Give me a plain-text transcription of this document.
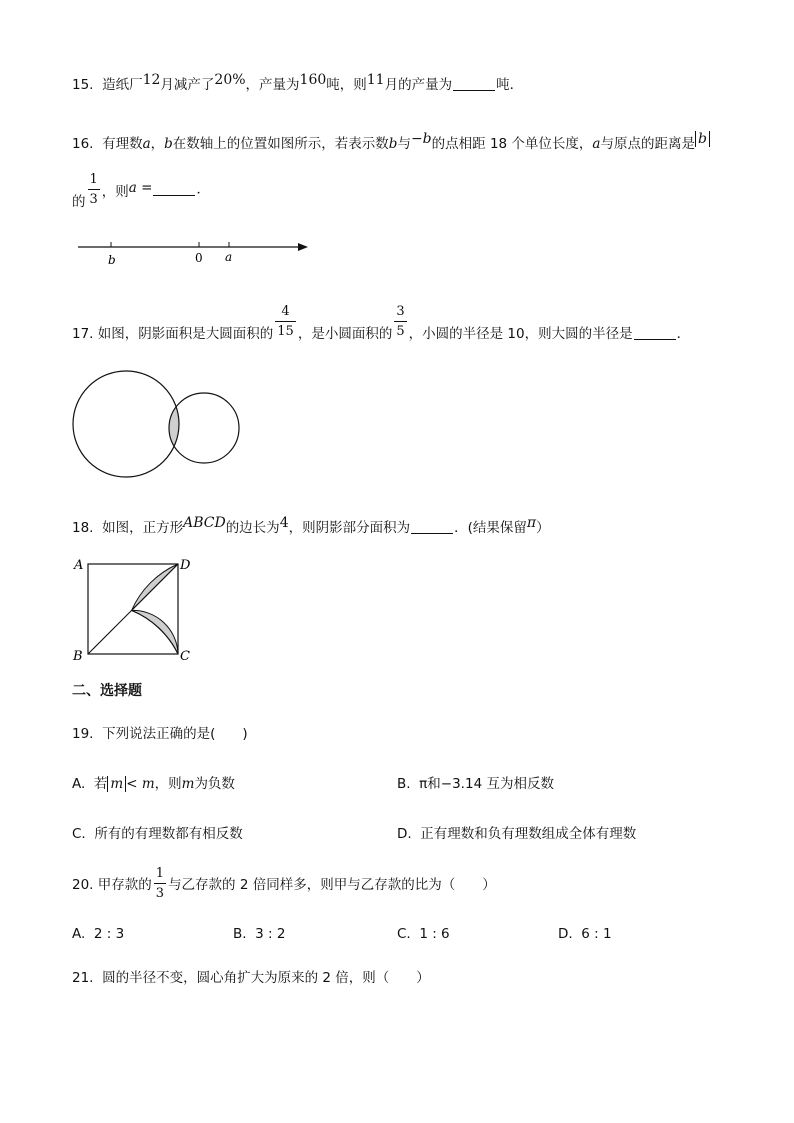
15. 造纸厂12月减产了20%，产量为160吨，则11月的产量为	吨．
16. 有理数a，b在数轴上的位置如图所示，若表示数b与−b的点相距 18 个单位长度，a与原点的距离是 b
的 $\frac{1}{3}$ ，则a =	．
b	0 a
17. 如图，阴影面积是大圆面积的 $\frac{4}{15}$ ，是小圆面积的 $\frac{3}{5}$ ，小圆的半径是 10，则大圆的半径是	．
18. 如图，正方形ABCD的边长为4，则阴影部分面积为	．(结果保留π）
A	D
B	C
二、选择题
19. 下列说法正确的是(　　)
A. 若 m < m，则m为负数	B. π和−3.14 互为相反数
C. 所有的有理数都有相反数	D. 正有理数和负有理数组成全体有理数
20. 甲存款的 $\frac{1}{3}$ 与乙存款的 2 倍同样多，则甲与乙存款的比为（　　）
A. 2 : 3	B. 3 : 2	C. 1 : 6	D. 6 : 1
21. 圆的半径不变，圆心角扩大为原来的 2 倍，则（　　）
